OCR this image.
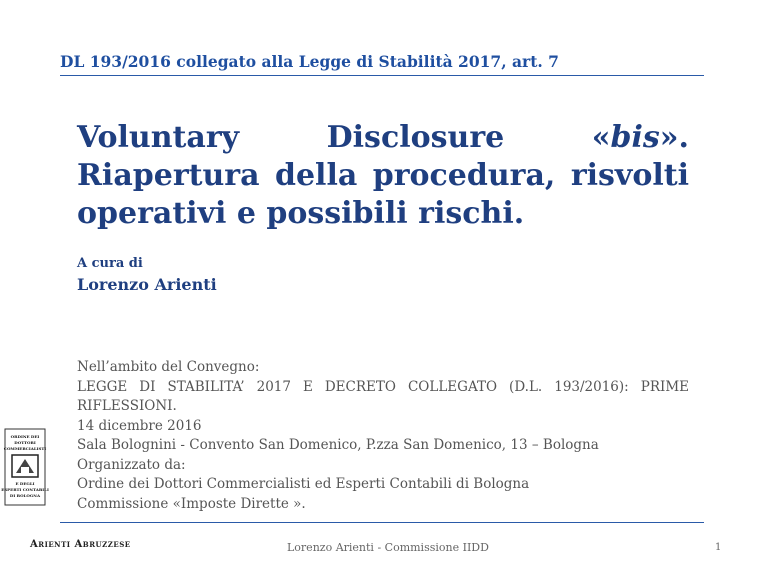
DL 193/2016 collegato alla Legge di Stabilità 2017, art. 7
Voluntary Disclosure «bis». Riapertura della procedura, risvolti operativi e possibili rischi.
A cura di
Lorenzo Arienti
Nell’ambito del Convegno:
LEGGE DI STABILITA’ 2017 E DECRETO COLLEGATO (D.L. 193/2016): PRIME
RIFLESSIONI.
14 dicembre 2016
Sala Bolognini - Convento San Domenico, P.zza San Domenico, 13 – Bologna
Organizzato da:
Ordine dei Dottori Commercialisti ed Esperti Contabili di Bologna
Commissione «Imposte Dirette ».
ORDINE DEI
DOTTORI
COMMERCIALISTI
E DEGLI
ESPERTI CONTABILI
DI BOLOGNA
Arienti Abruzzese	Lorenzo Arienti - Commissione IIDD	1
